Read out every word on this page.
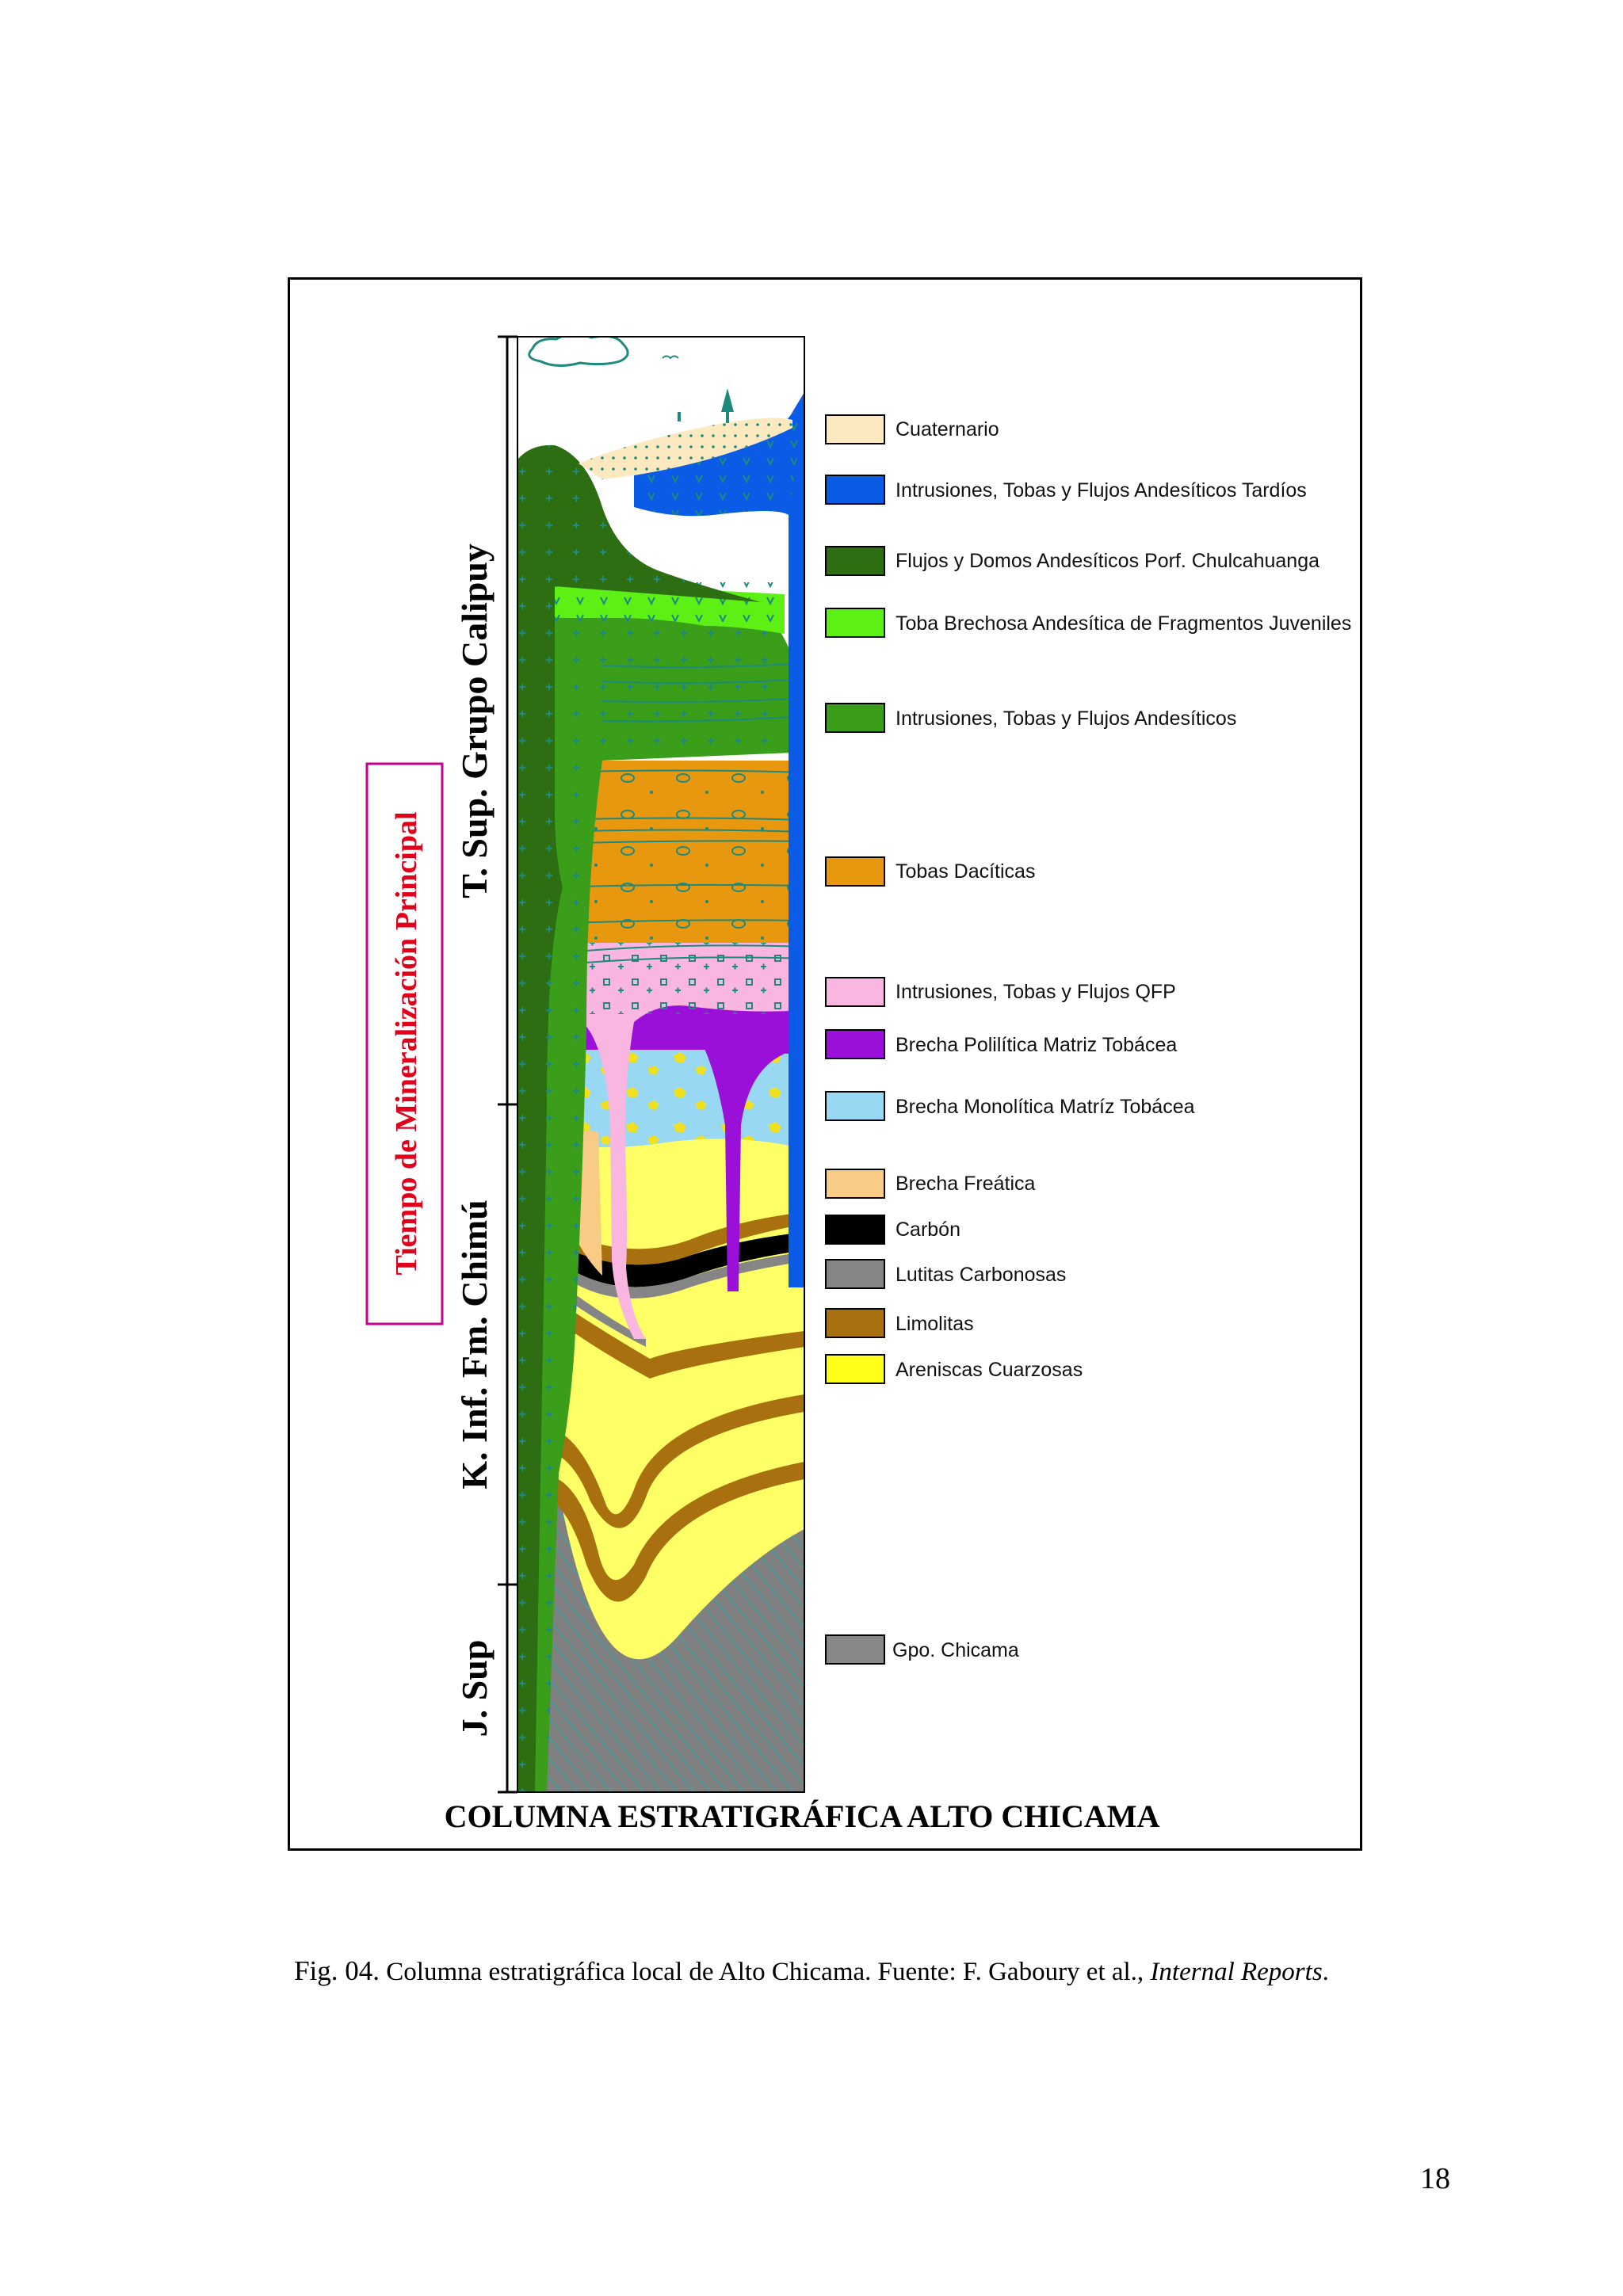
T. Sup. Grupo Calipuy
K. Inf. Fm. Chimú
J. Sup
Tiempo de Mineralización Principal
Cuaternario
Intrusiones, Tobas y Flujos Andesíticos Tardíos
Flujos y Domos Andesíticos Porf. Chulcahuanga
Toba Brechosa Andesítica de Fragmentos Juveniles
Intrusiones, Tobas y Flujos Andesíticos
Tobas Dacíticas
Intrusiones, Tobas y Flujos QFP
Brecha Polilítica Matriz Tobácea
Brecha Monolítica Matríz Tobácea
Brecha Freática
Carbón
Lutitas Carbonosas
Limolitas
Areniscas Cuarzosas
Gpo. Chicama
COLUMNA ESTRATIGRÁFICA ALTO CHICAMA
Fig. 04. Columna estratigráfica local de Alto Chicama. Fuente: F. Gaboury et al., Internal Reports.
18
